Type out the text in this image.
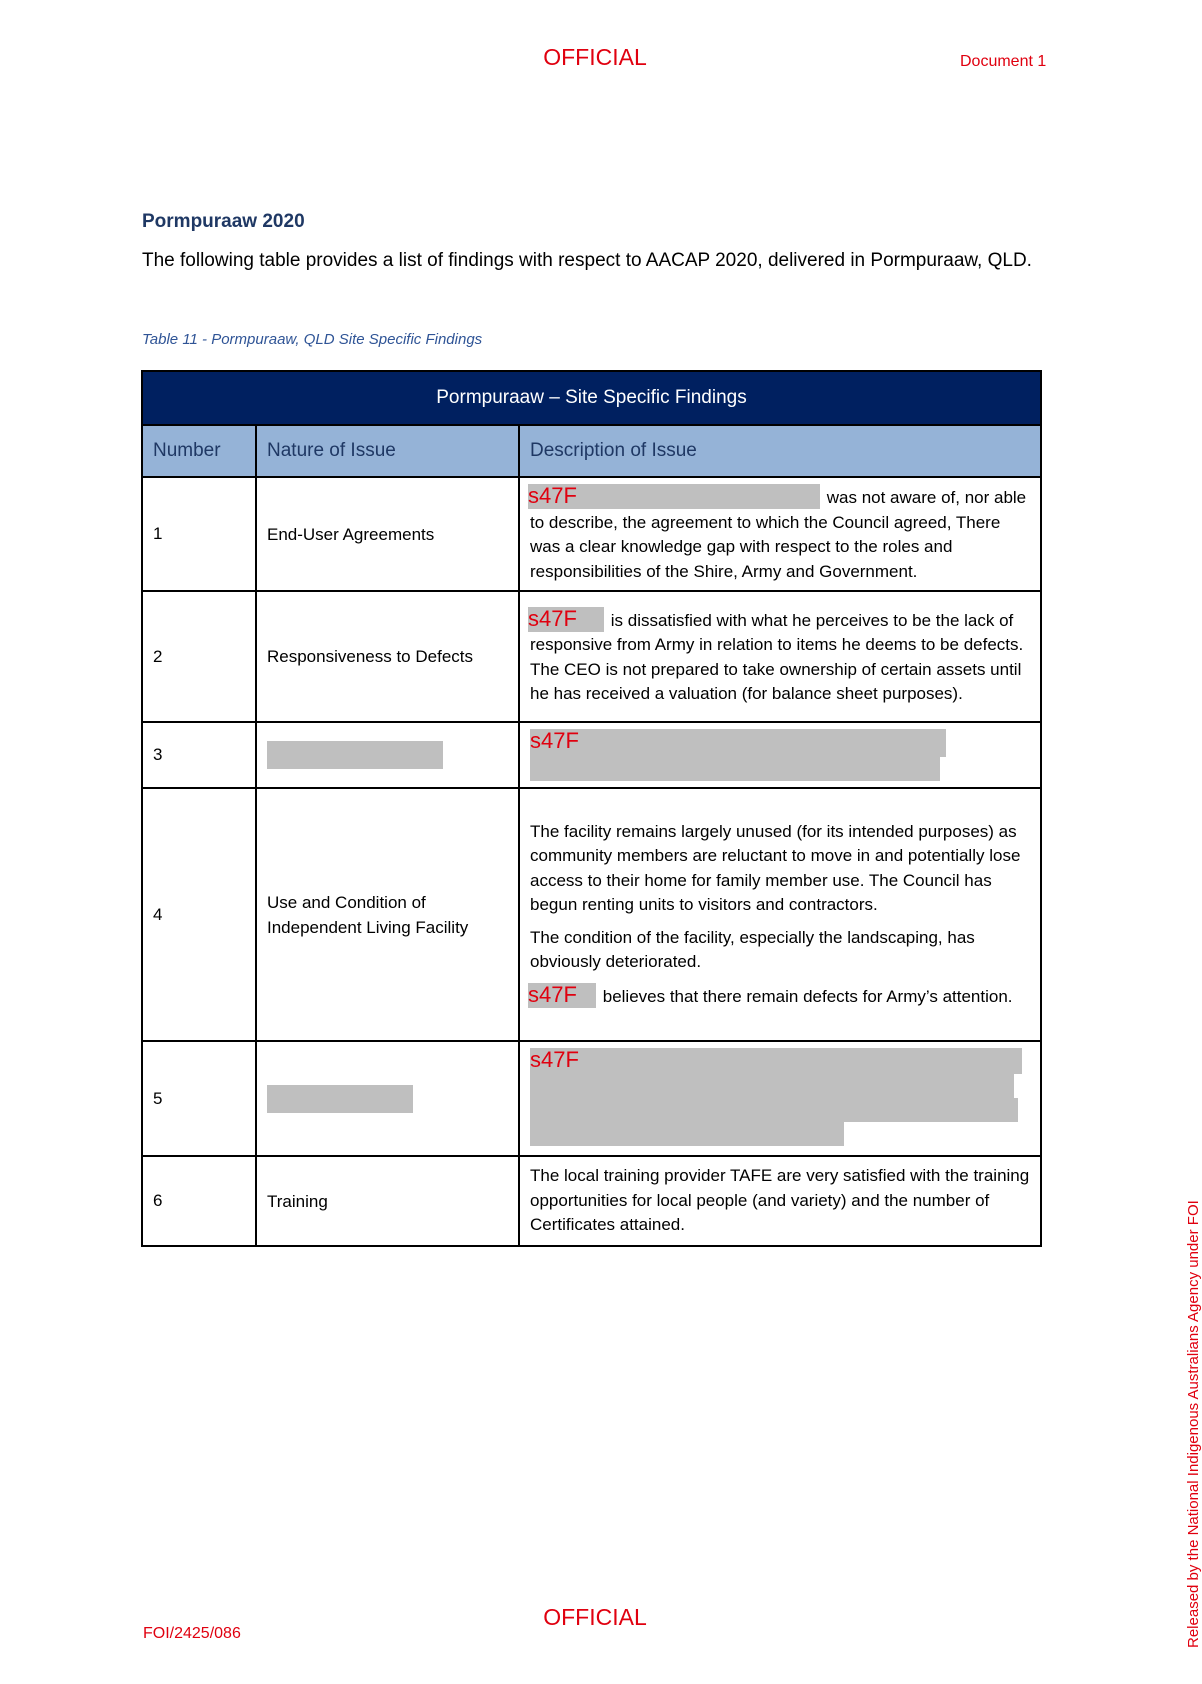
OFFICIAL	Document 1
Pormpuraaw 2020
The following table provides a list of findings with respect to AACAP 2020, delivered in Pormpuraaw, QLD.
Table 11 - Pormpuraaw, QLD Site Specific Findings
Pormpuraaw – Site Specific Findings		
Number	Nature of Issue	Description of Issue
1	End-User Agreements	s47F was not aware of, nor able to describe, the agreement to which the Council agreed, There was a clear knowledge gap with respect to the roles and responsibilities of the Shire, Army and Government.
2	Responsiveness to Defects	s47F is dissatisfied with what he perceives to be the lack of responsive from Army in relation to items he deems to be defects. The CEO is not prepared to take ownership of certain assets until he has received a valuation (for balance sheet purposes).
3		s47F

4	Use and Condition of Independent Living Facility	The facility remains largely unused (for its intended purposes) as community members are reluctant to move in and potentially lose access to their home for family member use. The Council has begun renting units to visitors and contractors.
The condition of the facility, especially the landscaping, has obviously deteriorated.
s47F believes that there remain defects for Army’s attention.

5		s47F

6	Training	The local training provider TAFE are very satisfied with the training opportunities for local people (and variety) and the number of Certificates attained.
OFFICIAL
FOI/2425/086	Released by the National Indigenous Australians Agency under FOI
